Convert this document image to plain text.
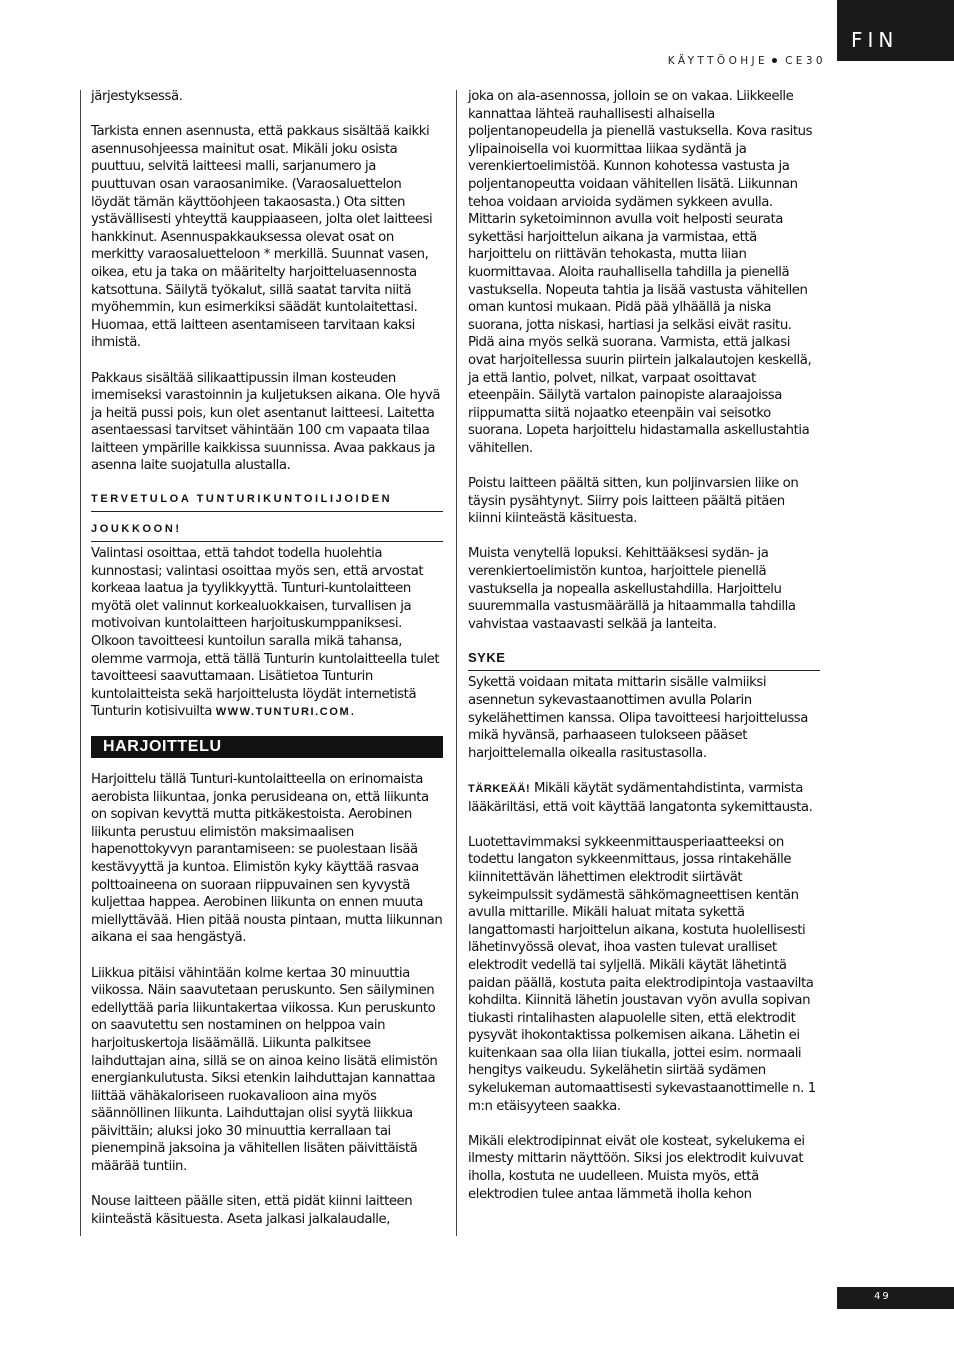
FIN
KÄYTTÖOHJE CE30

järjestyksessä.

Tarkista ennen asennusta, että pakkaus sisältää kaikki asennusohjeessa mainitut osat. Mikäli joku osista puuttuu, selvitä laitteesi malli, sarjanumero ja puuttuvan osan varaosanimike. (Varaosaluettelon löydät tämän käyttöohjeen takaosasta.) Ota sitten ystävällisesti yhteyttä kauppiaaseen, jolta olet laitteesi hankkinut. Asennuspakkauksessa olevat osat on merkitty varaosaluetteloon * merkillä. Suunnat vasen, oikea, etu ja taka on määritelty harjoitteluasennosta katsottuna. Säilytä työkalut, sillä saatat tarvita niitä myöhemmin, kun esimerkiksi säädät kuntolaitettasi. Huomaa, että laitteen asentamiseen tarvitaan kaksi ihmistä.

Pakkaus sisältää silikaattipussin ilman kosteuden imemiseksi varastoinnin ja kuljetuksen aikana. Ole hyvä ja heitä pussi pois, kun olet asentanut laitteesi. Laitetta asentaessasi tarvitset vähintään 100 cm vapaata tilaa laitteen ympärille kaikkissa suunnissa. Avaa pakkaus ja asenna laite suojatulla alustalla.

TERVETULOA TUNTURIKUNTOILIJOIDEN
JOUKKOON!

Valintasi osoittaa, että tahdot todella huolehtia kunnostasi; valintasi osoittaa myös sen, että arvostat korkeaa laatua ja tyylikkyyttä. Tunturi-kuntolaitteen myötä olet valinnut korkealuokkaisen, turvallisen ja motivoivan kuntolaitteen harjoituskumppaniksesi. Olkoon tavoitteesi kuntoilun saralla mikä tahansa, olemme varmoja, että tällä Tunturin kuntolaitteella tulet tavoitteesi saavuttamaan. Lisätietoa Tunturin kuntolaitteista sekä harjoittelusta löydät internetistä Tunturin kotisivuilta WWW.TUNTURI.COM.

HARJOITTELU

Harjoittelu tällä Tunturi-kuntolaitteella on erinomaista aerobista liikuntaa, jonka perusideana on, että liikunta on sopivan kevyttä mutta pitkäkestoista. Aerobinen liikunta perustuu elimistön maksimaalisen hapenottokyvyn parantamiseen: se puolestaan lisää kestävyyttä ja kuntoa. Elimistön kyky käyttää rasvaa polttoaineena on suoraan riippuvainen sen kyvystä kuljettaa happea. Aerobinen liikunta on ennen muuta miellyttävää. Hien pitää nousta pintaan, mutta liikunnan aikana ei saa hengästyä.

Liikkua pitäisi vähintään kolme kertaa 30 minuuttia viikossa. Näin saavutetaan peruskunto. Sen säilyminen edellyttää paria liikuntakertaa viikossa. Kun peruskunto on saavutettu sen nostaminen on helppoa vain harjoituskertoja lisäämällä. Liikunta palkitsee laihduttajan aina, sillä se on ainoa keino lisätä elimistön energiankulutusta. Siksi etenkin laihduttajan kannattaa liittää vähäkaloriseen ruokavalioon aina myös säännöllinen liikunta. Laihduttajan olisi syytä liikkua päivittäin; aluksi joko 30 minuuttia kerrallaan tai pienempinä jaksoina ja vähitellen lisäten päivittäistä määrää tuntiin.

Nouse laitteen päälle siten, että pidät kiinni laitteen kiinteästä käsituesta. Aseta jalkasi jalkalaudalle,

joka on ala-asennossa, jolloin se on vakaa. Liikkeelle kannattaa lähteä rauhallisesti alhaisella poljentanopeudella ja pienellä vastuksella. Kova rasitus ylipainoisella voi kuormittaa liikaa sydäntä ja verenkiertoelimistöä. Kunnon kohotessa vastusta ja poljentanopeutta voidaan vähitellen lisätä. Liikunnan tehoa voidaan arvioida sydämen sykkeen avulla. Mittarin syketoiminnon avulla voit helposti seurata sykettäsi harjoittelun aikana ja varmistaa, että harjoittelu on riittävän tehokasta, mutta liian kuormittavaa. Aloita rauhallisella tahdilla ja pienellä vastuksella. Nopeuta tahtia ja lisää vastusta vähitellen oman kuntosi mukaan. Pidä pää ylhäällä ja niska suorana, jotta niskasi, hartiasi ja selkäsi eivät rasitu. Pidä aina myös selkä suorana. Varmista, että jalkasi ovat harjoitellessa suurin piirtein jalkalautojen keskellä, ja että lantio, polvet, nilkat, varpaat osoittavat eteenpäin. Säilytä vartalon painopiste alaraajoissa riippumatta siitä nojaatko eteenpäin vai seisotko suorana. Lopeta harjoittelu hidastamalla askellustahtia vähitellen.

Poistu laitteen päältä sitten, kun poljinvarsien liike on täysin pysähtynyt. Siirry pois laitteen päältä pitäen kiinni kiinteästä käsituesta.

Muista venytellä lopuksi. Kehittääksesi sydän- ja verenkiertoelimistön kuntoa, harjoittele pienellä vastuksella ja nopealla askellustahdilla. Harjoittelu suuremmalla vastusmäärällä ja hitaammalla tahdilla vahvistaa vastaavasti selkää ja lanteita.

SYKE

Sykettä voidaan mitata mittarin sisälle valmiiksi asennetun sykevastaanottimen avulla Polarin sykelähettimen kanssa. Olipa tavoitteesi harjoittelussa mikä hyvänsä, parhaaseen tulokseen pääset harjoittelemalla oikealla rasitustasolla.

TÄRKEÄÄ! Mikäli käytät sydämentahdistinta, varmista lääkäriltäsi, että voit käyttää langatonta sykemittausta.

Luotettavimmaksi sykkeenmittausperiaatteeksi on todettu langaton sykkeenmittaus, jossa rintakehälle kiinnitettävän lähettimen elektrodit siirtävät sykeimpulssit sydämestä sähkömagneettisen kentän avulla mittarille. Mikäli haluat mitata sykettä langattomasti harjoittelun aikana, kostuta huolellisesti lähetinvyössä olevat, ihoa vasten tulevat uralliset elektrodit vedellä tai syljellä. Mikäli käytät lähetintä paidan päällä, kostuta paita elektrodipintoja vastaavilta kohdilta. Kiinnitä lähetin joustavan vyön avulla sopivan tiukasti rintalihasten alapuolelle siten, että elektrodit pysyvät ihokontaktissa polkemisen aikana. Lähetin ei kuitenkaan saa olla liian tiukalla, jottei esim. normaali hengitys vaikeudu. Sykelähetin siirtää sydämen sykelukeman automaattisesti sykevastaanottimelle n. 1 m:n etäisyyteen saakka.

Mikäli elektrodipinnat eivät ole kosteat, sykelukema ei ilmesty mittarin näyttöön. Siksi jos elektrodit kuivuvat iholla, kostuta ne uudelleen. Muista myös, että elektrodien tulee antaa lämmetä iholla kehon

49
